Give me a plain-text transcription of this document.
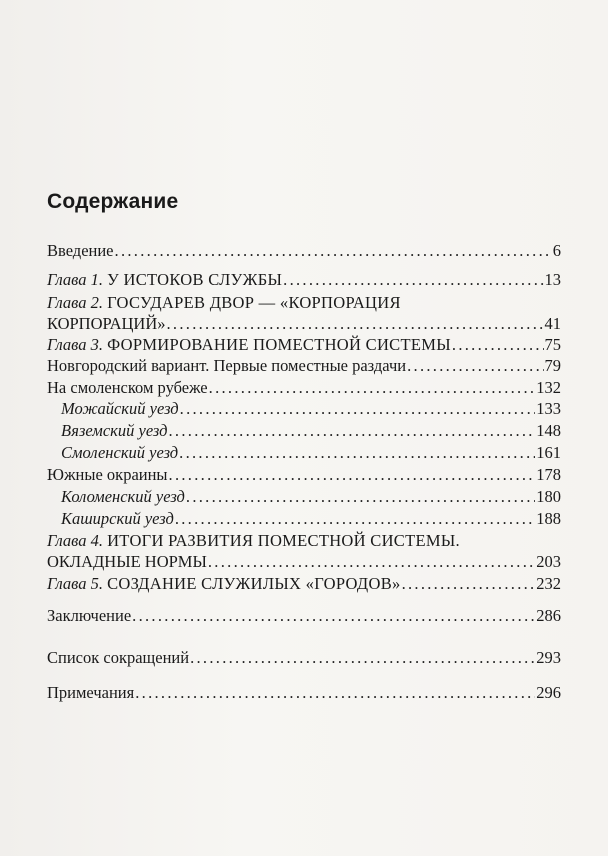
Содержание
Введение .....	6
Глава 1. У ИСТОКОВ СЛУЖБЫ .....	13
Глава 2. ГОСУДАРЕВ ДВОР — «КОРПОРАЦИЯ
КОРПОРАЦИЙ» .....	41
Глава 3. ФОРМИРОВАНИЕ ПОМЕСТНОЙ СИСТЕМЫ .....	75
Новгородский вариант. Первые поместные раздачи .....	79
На смоленском рубеже .....	132
Можайский уезд .....	133
Вяземский уезд .....	148
Смоленский уезд .....	161
Южные окраины .....	178
Коломенский уезд .....	180
Каширский уезд .....	188
Глава 4. ИТОГИ РАЗВИТИЯ ПОМЕСТНОЙ СИСТЕМЫ.
ОКЛАДНЫЕ НОРМЫ .....	203
Глава 5. СОЗДАНИЕ СЛУЖИЛЫХ «ГОРОДОВ» .....	232
Заключение .....	286
Список сокращений .....	293
Примечания .....	296
